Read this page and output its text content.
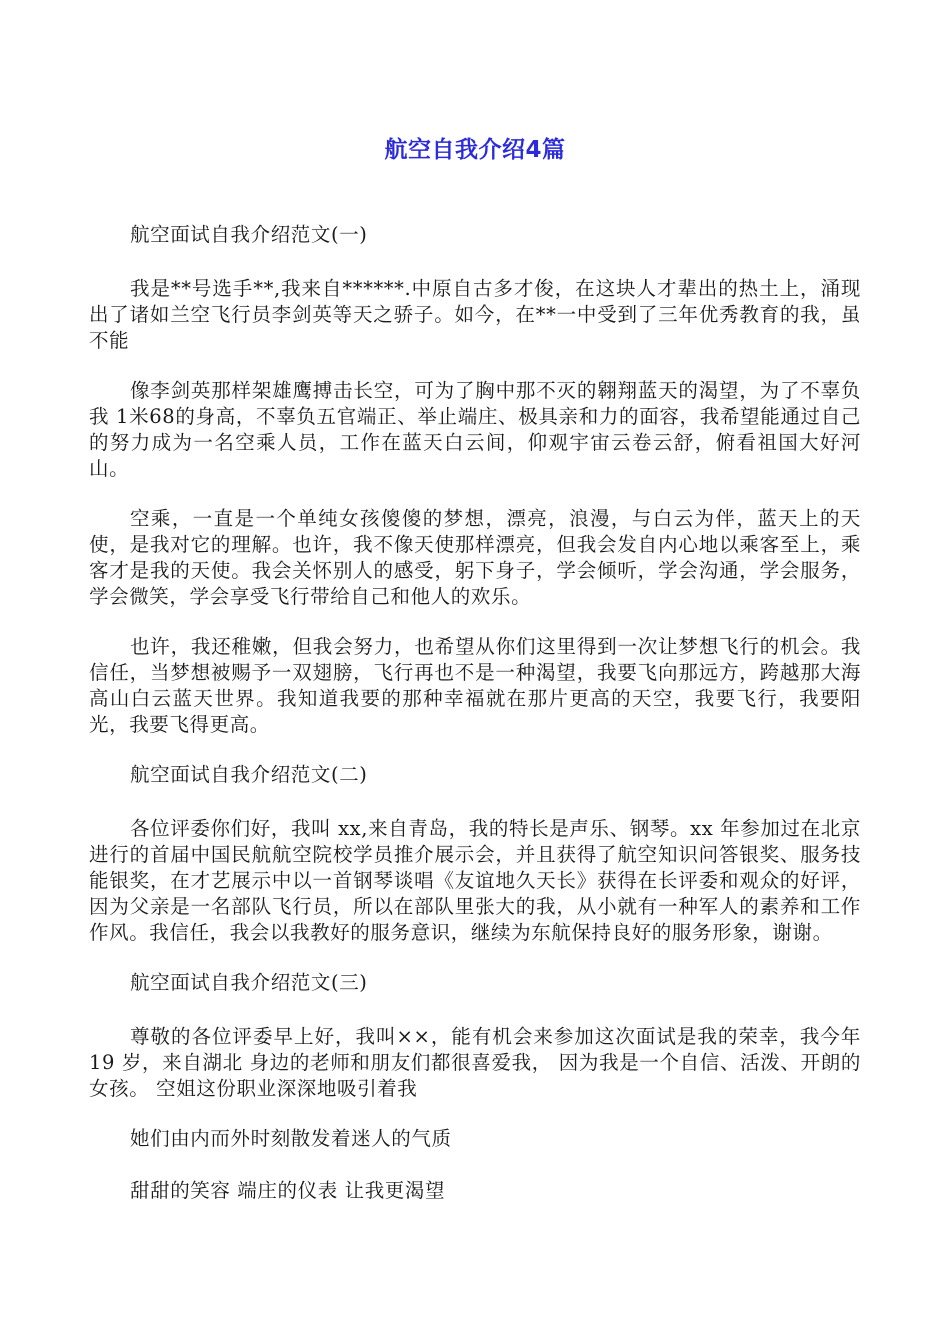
航空自我介绍4篇

航空面试自我介绍范文(一)

我是**号选手**,我来自******.中原自古多才俊，在这块人才辈出的热土上，涌现出了诸如兰空飞行员李剑英等天之骄子。如今，在**一中受到了三年优秀教育的我，虽不能

像李剑英那样架雄鹰搏击长空，可为了胸中那不灭的翱翔蓝天的渴望，为了不辜负我 1米68的身高，不辜负五官端正、举止端庄、极具亲和力的面容，我希望能通过自己的努力成为一名空乘人员，工作在蓝天白云间，仰观宇宙云卷云舒，俯看祖国大好河山。

空乘，一直是一个单纯女孩傻傻的梦想，漂亮，浪漫，与白云为伴，蓝天上的天使，是我对它的理解。也许，我不像天使那样漂亮，但我会发自内心地以乘客至上，乘客才是我的天使。我会关怀别人的感受，躬下身子，学会倾听，学会沟通，学会服务，学会微笑，学会享受飞行带给自己和他人的欢乐。

也许，我还稚嫩，但我会努力，也希望从你们这里得到一次让梦想飞行的机会。我信任，当梦想被赐予一双翅膀，飞行再也不是一种渴望，我要飞向那远方，跨越那大海高山白云蓝天世界。我知道我要的那种幸福就在那片更高的天空，我要飞行，我要阳光，我要飞得更高。

航空面试自我介绍范文(二)

各位评委你们好，我叫 xx,来自青岛，我的特长是声乐、钢琴。xx 年参加过在北京进行的首届中国民航航空院校学员推介展示会，并且获得了航空知识问答银奖、服务技能银奖，在才艺展示中以一首钢琴谈唱《友谊地久天长》获得在长评委和观众的好评，因为父亲是一名部队飞行员，所以在部队里张大的我，从小就有一种军人的素养和工作作风。我信任，我会以我教好的服务意识，继续为东航保持良好的服务形象，谢谢。

航空面试自我介绍范文(三)

尊敬的各位评委早上好，我叫××，能有机会来参加这次面试是我的荣幸，我今年 19 岁，来自湖北 身边的老师和朋友们都很喜爱我， 因为我是一个自信、活泼、开朗的女孩。 空姐这份职业深深地吸引着我

她们由内而外时刻散发着迷人的气质

甜甜的笑容 端庄的仪表 让我更渴望
